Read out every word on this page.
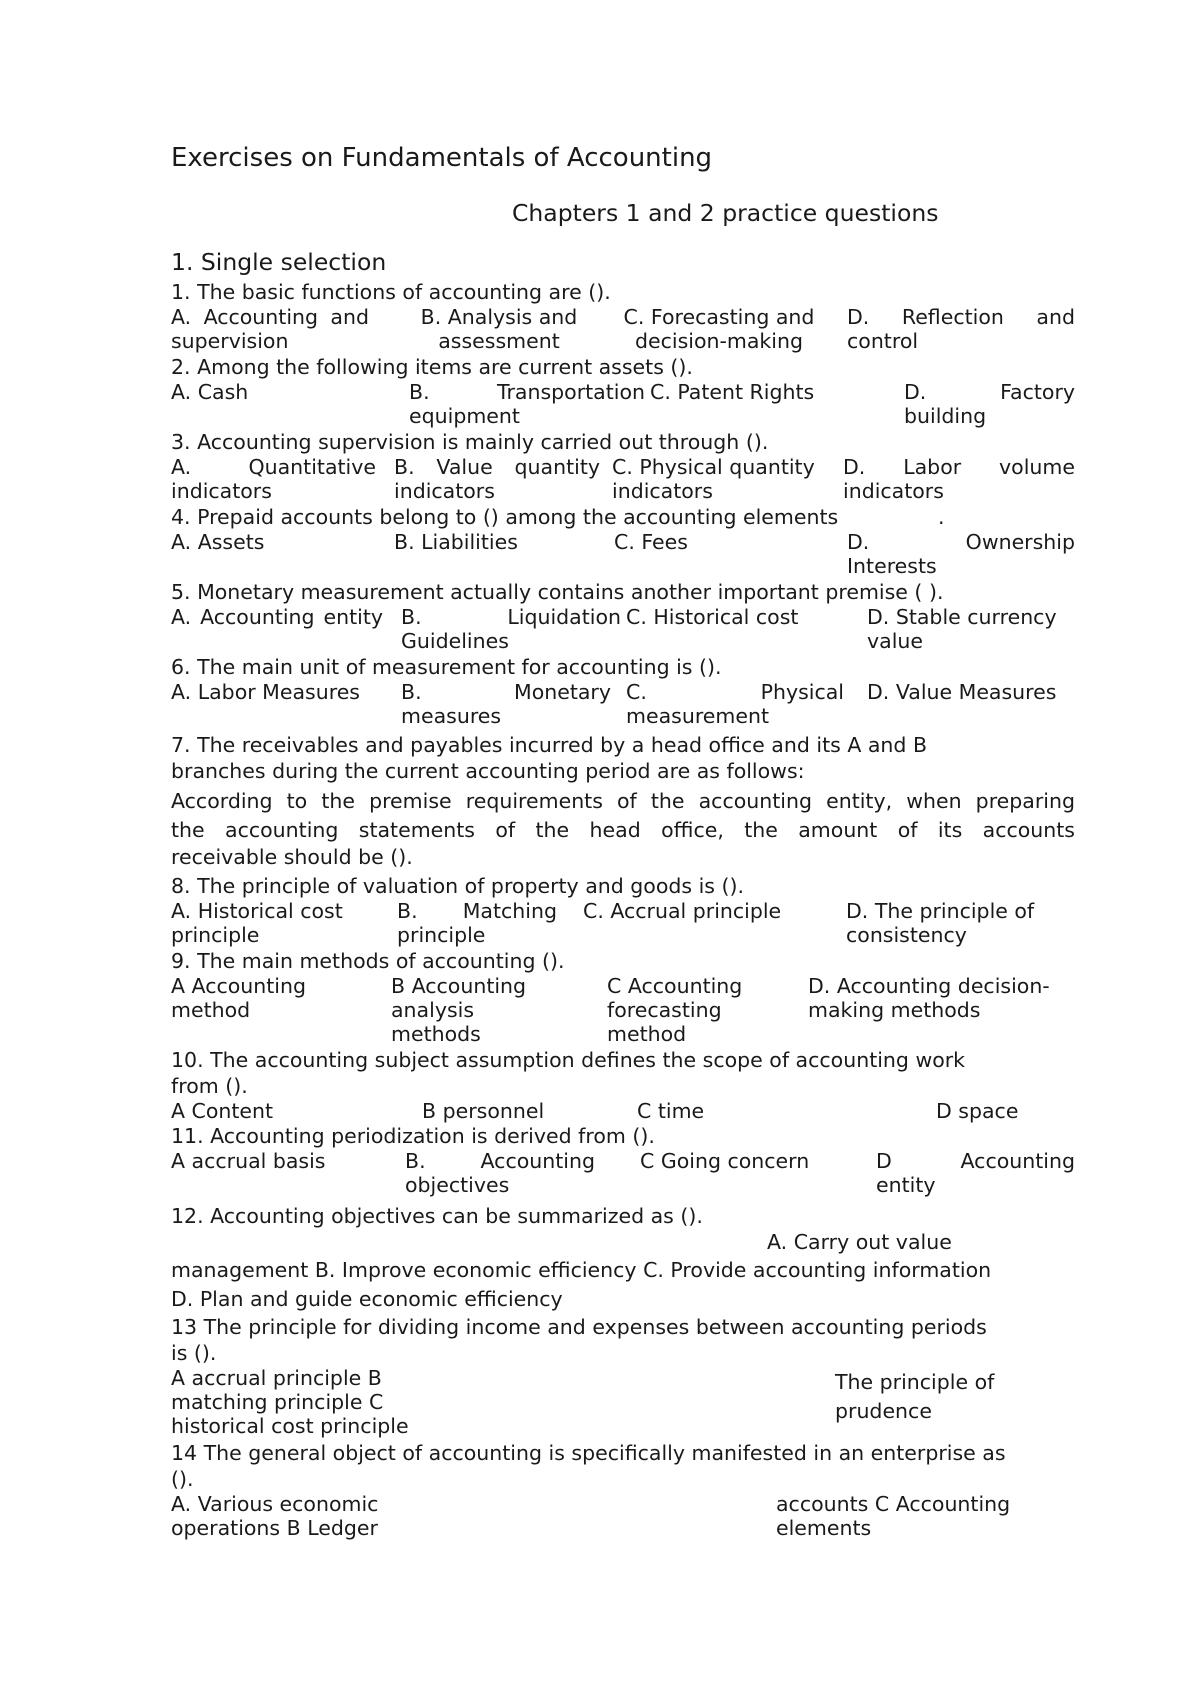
Exercises on Fundamentals of Accounting
Chapters 1 and 2 practice questions
1. Single selection
1. The basic functions of accounting are ().
A. Accounting and supervision
B. Analysis and assessment
C. Forecasting and decision-making
D. Reflection and control
2. Among the following items are current assets ().
A. Cash	B. Transportation equipment
C. Patent Rights	D. Factory building
3. Accounting supervision is mainly carried out through ().
A. Quantitative indicators
B. Value quantity indicators
C. Physical quantity indicators
D. Labor volume indicators
4. Prepaid accounts belong to () among the accounting elements	.
A. Assets	B. Liabilities	C. Fees	D. Ownership Interests
5. Monetary measurement actually contains another important premise ( ).
A. Accounting entity B. Liquidation Guidelines
C. Historical cost	D. Stable currency value
6. The main unit of measurement for accounting is ().
A. Labor Measures	B. Monetary measures
C. Physical measurement
D. Value Measures
7. The receivables and payables incurred by a head office and its A and B
branches during the current accounting period are as follows:
According to the premise requirements of the accounting entity, when preparing
the accounting statements of the head office, the amount of its accounts
receivable should be ().
8. The principle of valuation of property and goods is ().
A. Historical cost principle
B. Matching principle
C. Accrual principle	D. The principle of consistency
9. The main methods of accounting ().
A Accounting method
B Accounting analysis methods
C Accounting forecasting method
D. Accounting decision-making methods
10. The accounting subject assumption defines the scope of accounting work
from ().
A Content	B personnel	C time	D space
11. Accounting periodization is derived from ().
A accrual basis	B. Accounting objectives
C Going concern	D Accounting entity
12. Accounting objectives can be summarized as ().
A. Carry out value
management B. Improve economic efficiency C. Provide accounting information
D. Plan and guide economic efficiency
13 The principle for dividing income and expenses between accounting periods
is ().
A accrual principle B
matching principle C
historical cost principle
The principle of prudence
14 The general object of accounting is specifically manifested in an enterprise as
().
A. Various economic operations B Ledger
accounts C Accounting elements
